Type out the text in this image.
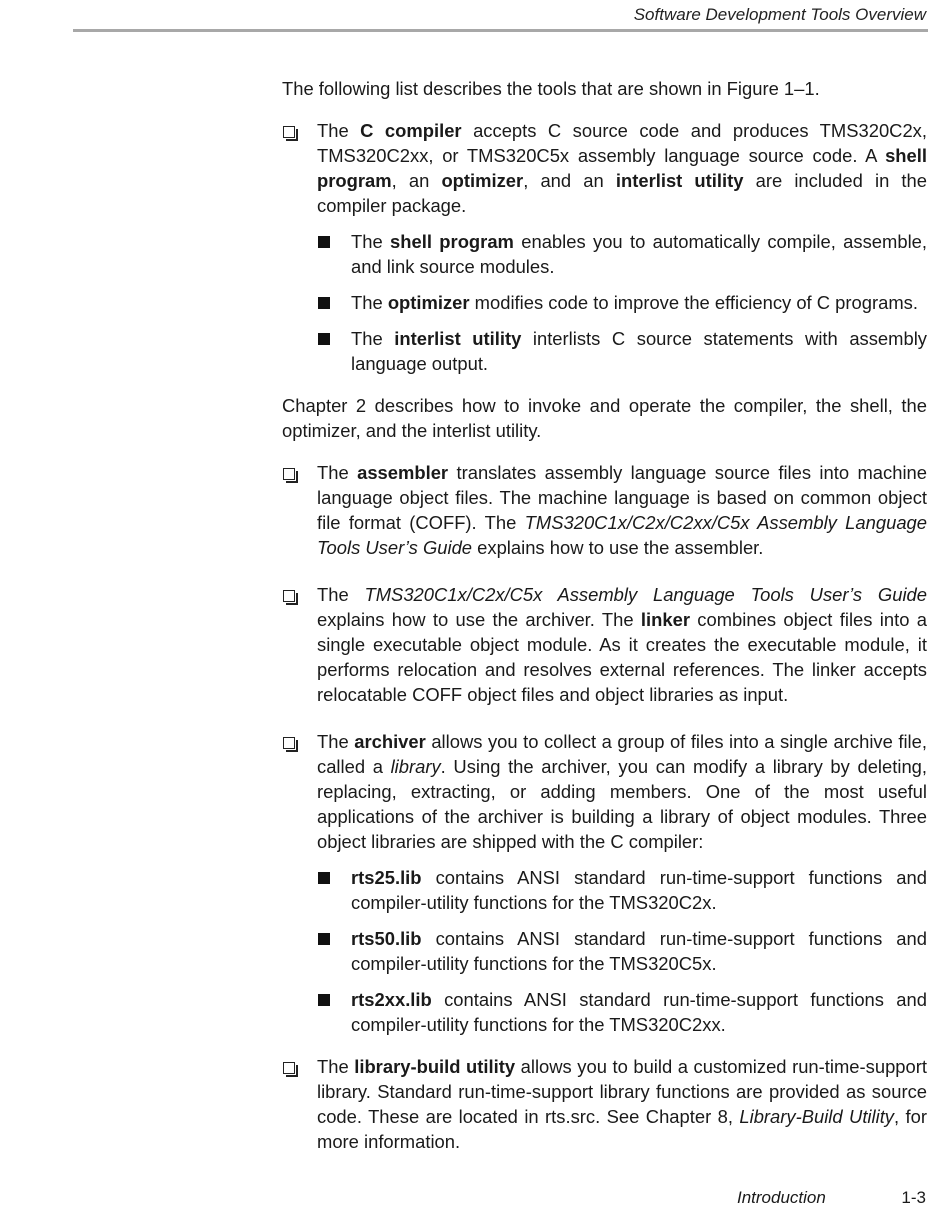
Software Development Tools Overview

The following list describes the tools that are shown in Figure 1–1.

The C compiler accepts C source code and produces TMS320C2x, TMS320C2xx, or TMS320C5x assembly language source code. A shell program, an optimizer, and an interlist utility are included in the compiler package.

The shell program enables you to automatically compile, assemble, and link source modules.

The optimizer modifies code to improve the efficiency of C programs.

The interlist utility interlists C source statements with assembly language output.

Chapter 2 describes how to invoke and operate the compiler, the shell, the optimizer, and the interlist utility.

The assembler translates assembly language source files into machine language object files. The machine language is based on common object file format (COFF). The TMS320C1x/C2x/C2xx/C5x Assembly Language Tools User’s Guide explains how to use the assembler.

The TMS320C1x/C2x/C5x Assembly Language Tools User’s Guide explains how to use the archiver. The linker combines object files into a single executable object module. As it creates the executable module, it performs relocation and resolves external references. The linker accepts relocatable COFF object files and object libraries as input.

The archiver allows you to collect a group of files into a single archive file, called a library. Using the archiver, you can modify a library by deleting, replacing, extracting, or adding members. One of the most useful applications of the archiver is building a library of object modules. Three object libraries are shipped with the C compiler:

rts25.lib contains ANSI standard run-time-support functions and compiler-utility functions for the TMS320C2x.

rts50.lib contains ANSI standard run-time-support functions and compiler-utility functions for the TMS320C5x.

rts2xx.lib contains ANSI standard run-time-support functions and compiler-utility functions for the TMS320C2xx.

The library-build utility allows you to build a customized run-time-support library. Standard run-time-support library functions are provided as source code. These are located in rts.src. See Chapter 8, Library-Build Utility, for more information.

Introduction	1-3
